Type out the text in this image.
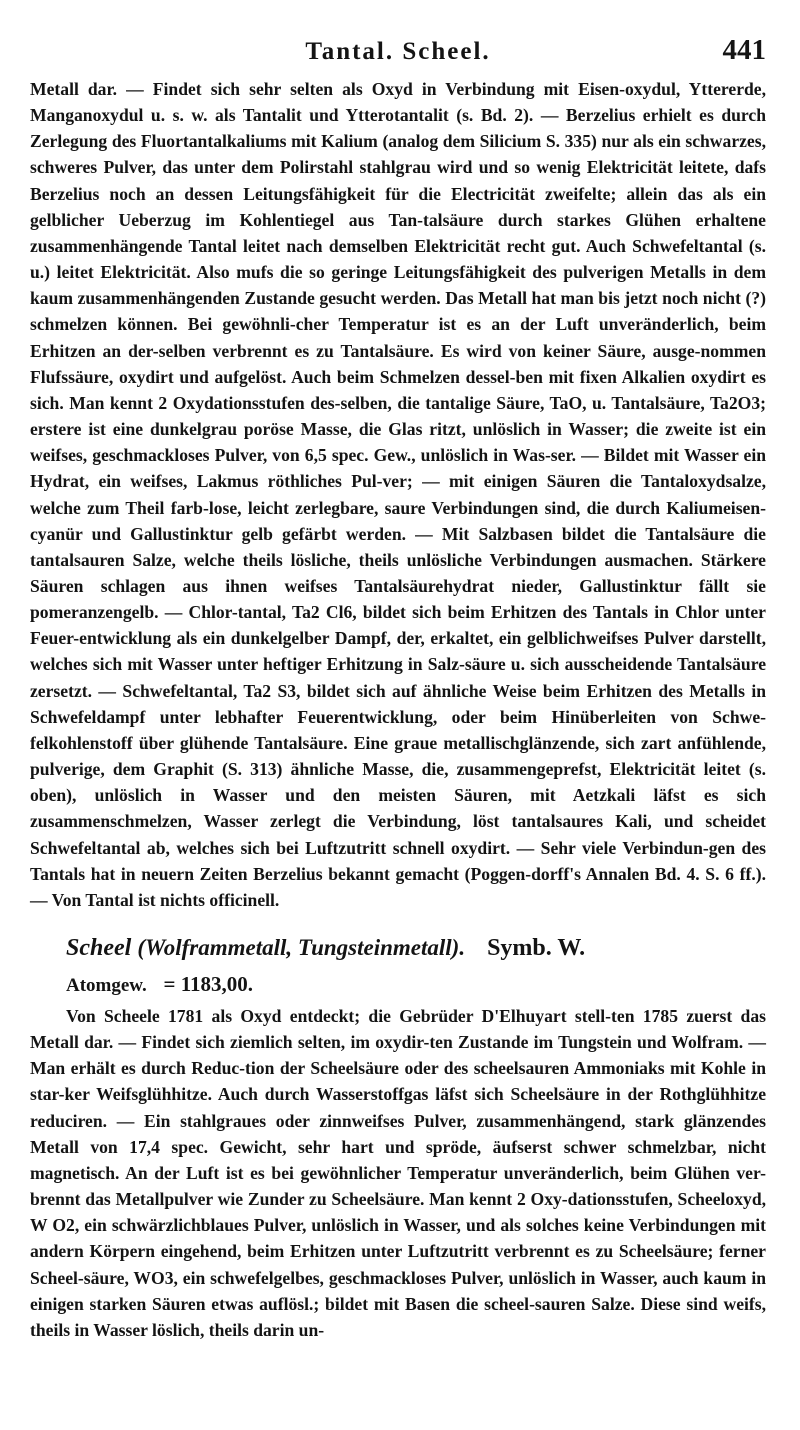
Tantal. Scheel.	441

Metall dar. — Findet sich sehr selten als Oxyd in Verbindung mit Eisen-oxydul, Yttererde, Manganoxydul u. s. w. als Tantalit und Ytterotantalit (s. Bd. 2). — Berzelius erhielt es durch Zerlegung des Fluortantalkaliums mit Kalium (analog dem Silicium S. 335) nur als ein schwarzes, schweres Pulver, das unter dem Polirstahl stahlgrau wird und so wenig Elektricität leitete, dafs Berzelius noch an dessen Leitungsfähigkeit für die Electricität zweifelte; allein das als ein gelblicher Ueberzug im Kohlentiegel aus Tan-talsäure durch starkes Glühen erhaltene zusammenhängende Tantal leitet nach demselben Elektricität recht gut. Auch Schwefeltantal (s. u.) leitet Elektricität. Also mufs die so geringe Leitungsfähigkeit des pulverigen Metalls in dem kaum zusammenhängenden Zustande gesucht werden. Das Metall hat man bis jetzt noch nicht (?) schmelzen können. Bei gewöhnli-cher Temperatur ist es an der Luft unveränderlich, beim Erhitzen an der-selben verbrennt es zu Tantalsäure. Es wird von keiner Säure, ausge-nommen Flufssäure, oxydirt und aufgelöst. Auch beim Schmelzen dessel-ben mit fixen Alkalien oxydirt es sich. Man kennt 2 Oxydationsstufen des-selben, die tantalige Säure, TaO, u. Tantalsäure, Ta2O3; erstere ist eine dunkelgrau poröse Masse, die Glas ritzt, unlöslich in Wasser; die zweite ist ein weifses, geschmackloses Pulver, von 6,5 spec. Gew., unlöslich in Was-ser. — Bildet mit Wasser ein Hydrat, ein weifses, Lakmus röthliches Pul-ver; — mit einigen Säuren die Tantaloxydsalze, welche zum Theil farb-lose, leicht zerlegbare, saure Verbindungen sind, die durch Kaliumeisen-cyanür und Gallustinktur gelb gefärbt werden. — Mit Salzbasen bildet die Tantalsäure die tantalsauren Salze, welche theils lösliche, theils unlösliche Verbindungen ausmachen. Stärkere Säuren schlagen aus ihnen weifses Tantalsäurehydrat nieder, Gallustinktur fällt sie pomeranzengelb. — Chlor-tantal, Ta2 Cl6, bildet sich beim Erhitzen des Tantals in Chlor unter Feuer-entwicklung als ein dunkelgelber Dampf, der, erkaltet, ein gelblichweifses Pulver darstellt, welches sich mit Wasser unter heftiger Erhitzung in Salz-säure u. sich ausscheidende Tantalsäure zersetzt. — Schwefeltantal, Ta2 S3, bildet sich auf ähnliche Weise beim Erhitzen des Metalls in Schwefeldampf unter lebhafter Feuerentwicklung, oder beim Hinüberleiten von Schwe-felkohlenstoff über glühende Tantalsäure. Eine graue metallischglänzende, sich zart anfühlende, pulverige, dem Graphit (S. 313) ähnliche Masse, die, zusammengeprefst, Elektricität leitet (s. oben), unlöslich in Wasser und den meisten Säuren, mit Aetzkali läfst es sich zusammenschmelzen, Wasser zerlegt die Verbindung, löst tantalsaures Kali, und scheidet Schwefeltantal ab, welches sich bei Luftzutritt schnell oxydirt. — Sehr viele Verbindun-gen des Tantals hat in neuern Zeiten Berzelius bekannt gemacht (Poggen-dorff's Annalen Bd. 4. S. 6 ff.). — Von Tantal ist nichts officinell.

Scheel (Wolframmetall, Tungsteinmetall). Symb. W.
Atomgew. = 1183,00.

Von Scheele 1781 als Oxyd entdeckt; die Gebrüder D'Elhuyart stell-ten 1785 zuerst das Metall dar. — Findet sich ziemlich selten, im oxydir-ten Zustande im Tungstein und Wolfram. — Man erhält es durch Reduc-tion der Scheelsäure oder des scheelsauren Ammoniaks mit Kohle in star-ker Weifsglühhitze. Auch durch Wasserstoffgas läfst sich Scheelsäure in der Rothglühhitze reduciren. — Ein stahlgraues oder zinnweifses Pulver, zusammenhängend, stark glänzendes Metall von 17,4 spec. Gewicht, sehr hart und spröde, äufserst schwer schmelzbar, nicht magnetisch. An der Luft ist es bei gewöhnlicher Temperatur unveränderlich, beim Glühen ver-brennt das Metallpulver wie Zunder zu Scheelsäure. Man kennt 2 Oxy-dationsstufen, Scheeloxyd, W O2, ein schwärzlichblaues Pulver, unlöslich in Wasser, und als solches keine Verbindungen mit andern Körpern eingehend, beim Erhitzen unter Luftzutritt verbrennt es zu Scheelsäure; ferner Scheel-säure, WO3, ein schwefelgelbes, geschmackloses Pulver, unlöslich in Wasser, auch kaum in einigen starken Säuren etwas auflösl.; bildet mit Basen die scheel-sauren Salze. Diese sind weifs, theils in Wasser löslich, theils darin un-
